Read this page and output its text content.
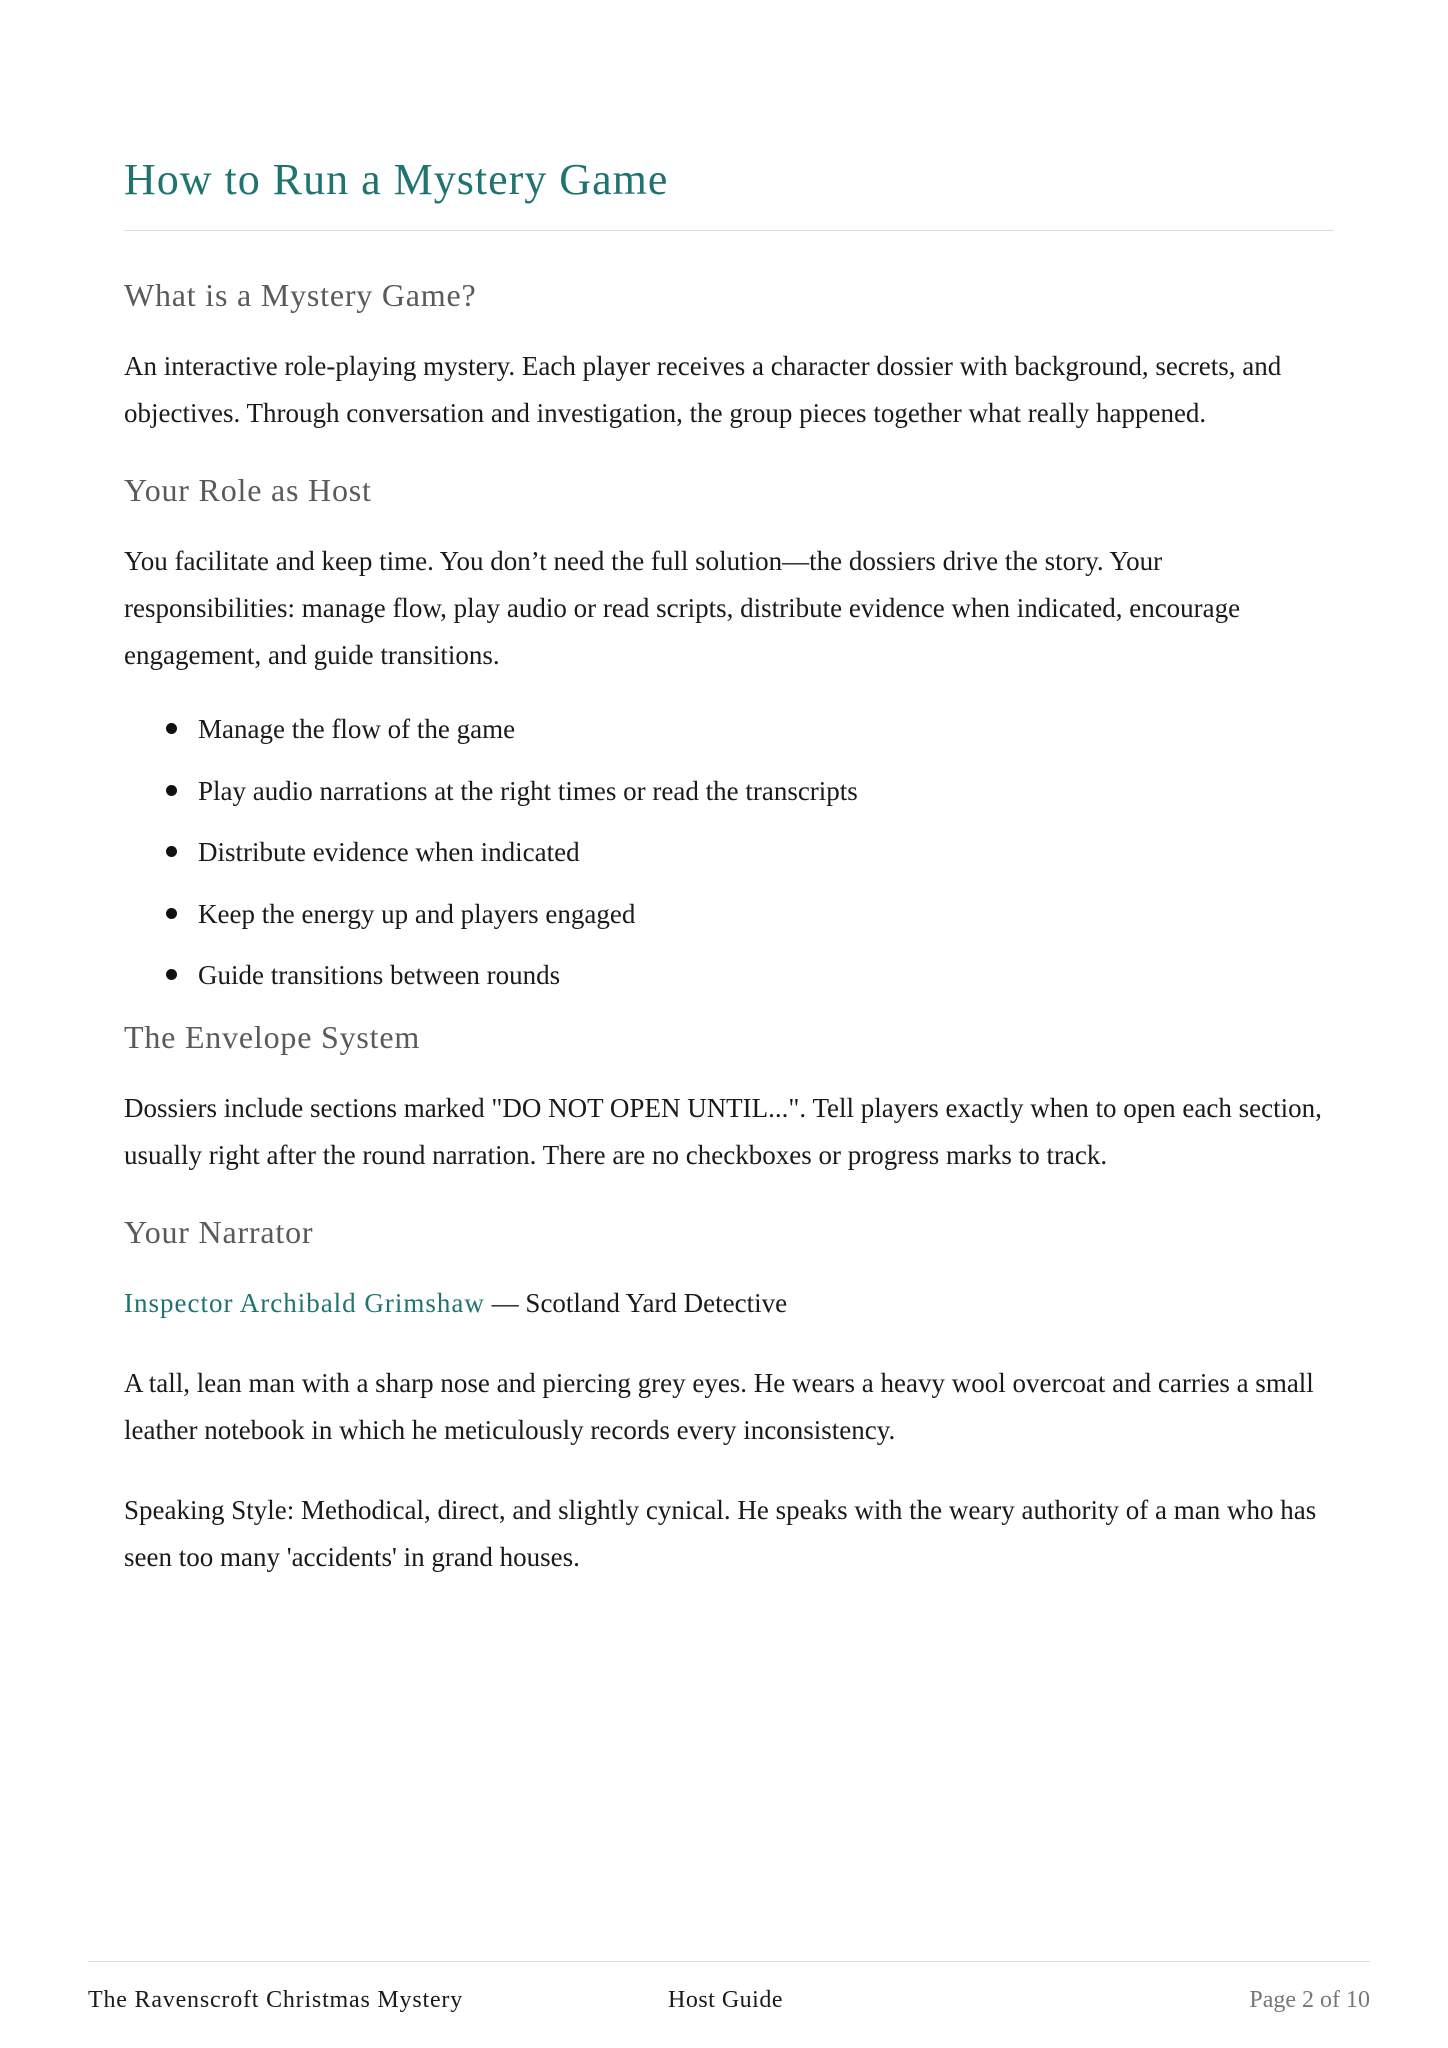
How to Run a Mystery Game
What is a Mystery Game?

An interactive role-playing mystery. Each player receives a character dossier with background, secrets, and objectives. Through conversation and investigation, the group pieces together what really happened.

Your Role as Host

You facilitate and keep time. You don’t need the full solution—the dossiers drive the story. Your responsibilities: manage flow, play audio or read scripts, distribute evidence when indicated, encourage engagement, and guide transitions.

Manage the flow of the game
Play audio narrations at the right times or read the transcripts
Distribute evidence when indicated
Keep the energy up and players engaged
Guide transitions between rounds
The Envelope System

Dossiers include sections marked "DO NOT OPEN UNTIL...". Tell players exactly when to open each section, usually right after the round narration. There are no checkboxes or progress marks to track.

Your Narrator

Inspector Archibald Grimshaw — Scotland Yard Detective

A tall, lean man with a sharp nose and piercing grey eyes. He wears a heavy wool overcoat and carries a small leather notebook in which he meticulously records every inconsistency.

Speaking Style: Methodical, direct, and slightly cynical. He speaks with the weary authority of a man who has seen too many 'accidents' in grand houses.

The Ravenscroft Christmas Mystery	Host Guide	Page 2 of 10
